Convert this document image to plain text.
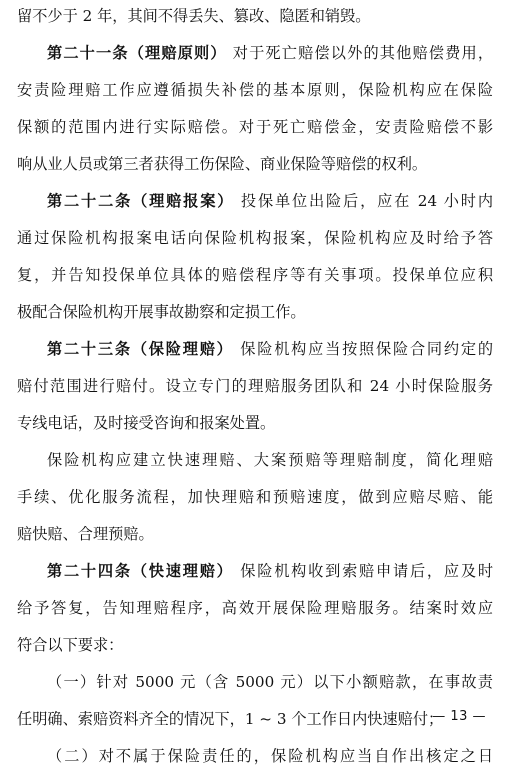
留不少于 2 年，其间不得丢失、篡改、隐匿和销毁。
第二十一条（理赔原则） 对于死亡赔偿以外的其他赔偿费用，
安责险理赔工作应遵循损失补偿的基本原则，保险机构应在保险
保额的范围内进行实际赔偿。对于死亡赔偿金，安责险赔偿不影
响从业人员或第三者获得工伤保险、商业保险等赔偿的权利。
第二十二条（理赔报案） 投保单位出险后，应在 24 小时内
通过保险机构报案电话向保险机构报案，保险机构应及时给予答
复，并告知投保单位具体的赔偿程序等有关事项。投保单位应积
极配合保险机构开展事故勘察和定损工作。
第二十三条（保险理赔） 保险机构应当按照保险合同约定的
赔付范围进行赔付。设立专门的理赔服务团队和 24 小时保险服务
专线电话，及时接受咨询和报案处置。
保险机构应建立快速理赔、大案预赔等理赔制度，简化理赔
手续、优化服务流程，加快理赔和预赔速度，做到应赔尽赔、能
赔快赔、合理预赔。
第二十四条（快速理赔） 保险机构收到索赔申请后，应及时
给予答复，告知理赔程序，高效开展保险理赔服务。结案时效应
符合以下要求：
（一）针对 5000 元（含 5000 元）以下小额赔款，在事故责
任明确、索赔资料齐全的情况下，1 ~ 3 个工作日内快速赔付；
（二）对不属于保险责任的，保险机构应当自作出核定之日
— 13 —
